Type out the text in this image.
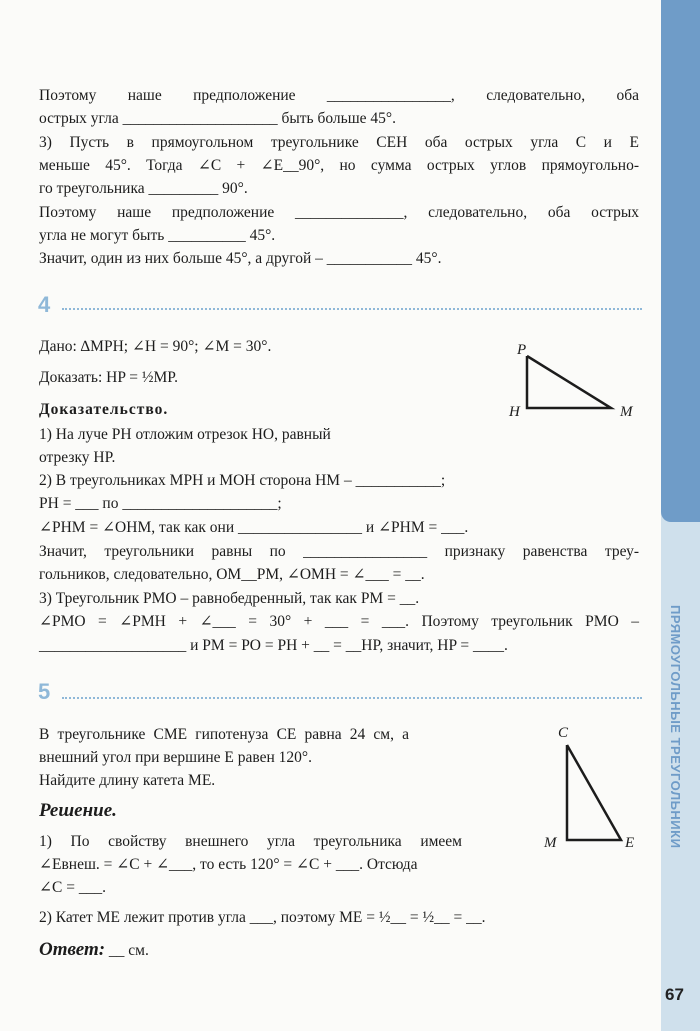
ПРЯМОУГОЛЬНЫЕ ТРЕУГОЛЬНИКИ
67
Поэтому наше предположение ________________, следовательно, оба
острых угла ____________________ быть больше 45°.
3) Пусть в прямоугольном треугольнике CEH оба острых угла C и E
меньше 45°. Тогда ∠C + ∠E__90°, но сумма острых углов прямоугольно-
го треугольника _________ 90°.
Поэтому наше предположение ______________, следовательно, оба острых
угла не могут быть __________ 45°.
Значит, один из них больше 45°, а другой – ___________ 45°.
4
Дано: ∆MPH; ∠H = 90°; ∠M = 30°.
Доказать: HP = ½MP.
Доказательство.
1) На луче PH отложим отрезок HO, равный
отрезку HP.
2) В треугольниках MPH и MOH сторона HM – ___________;
PH = ___ по ____________________;
∠PHM = ∠OHM, так как они ________________ и ∠PHM = ___.
Значит, треугольники равны по ________________ признаку равенства треу-
гольников, следовательно, OM__PM, ∠OMH = ∠___ = __.
3) Треугольник PMO – равнобедренный, так как PM = __.
∠PMO = ∠PMH + ∠___ = 30° + ___ = ___. Поэтому треугольник PMO –
___________________ и PM = PO = PH + __ = __HP, значит, HP = ____.
5
В треугольнике CME гипотенуза CE равна 24 см, а
внешний угол при вершине E равен 120°.
Найдите длину катета ME.
Решение.
1) По свойству внешнего угла треугольника имеем
∠Eвнеш. = ∠C + ∠___, то есть 120° = ∠C + ___. Отсюда
∠C = ___.
2) Катет ME лежит против угла ___, поэтому ME = ½__ = ½__ = __.
Ответ: __ см.
P
H	M
C
M	E
